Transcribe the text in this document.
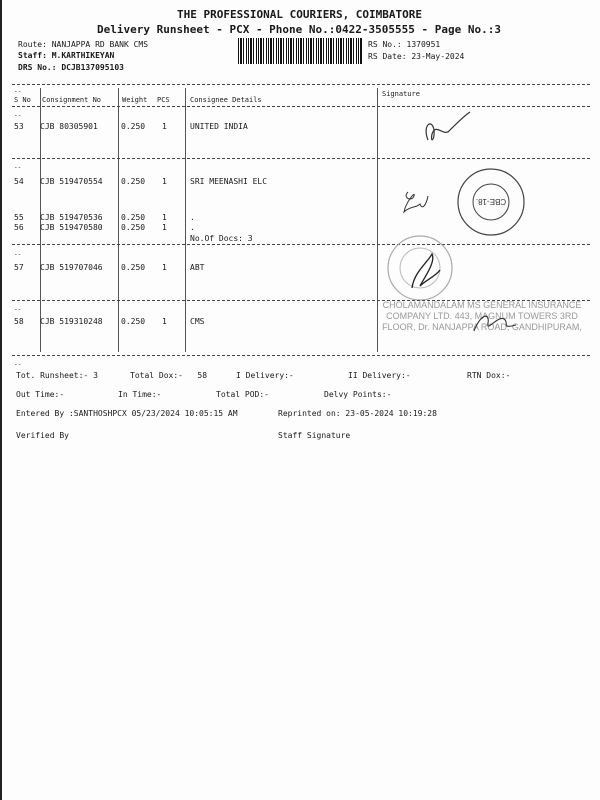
THE PROFESSIONAL COURIERS, COIMBATORE
Delivery Runsheet - PCX - Phone No.:0422-3505555 - Page No.:3
Route: NANJAPPA RD BANK CMS
Staff: M.KARTHIKEYAN
DRS No.: DCJB137095103
RS No.: 1370951
RS Date: 23-May-2024
--
S No Consignment No	Weight PCS	Consignee Details
Signature
--
53 CJB 80305901	0.250 1	UNITED INDIA
--
54 CJB 519470554 0.250 1	SRI MEENASHI ELC
55 CJB 519470536 0.250 1	.
56 CJB 519470580 0.250 1	.
No.Of Docs: 3
CBE-18.
--
57 CJB 519707046 0.250 1	ABT
--
58 CJB 519310248 0.250 1	CMS
CHOLAMANDALAM MS GENERAL INSURANCE COMPANY LTD. 443, MAGNUM TOWERS 3RD FLOOR, Dr. NANJAPPA ROAD, GANDHIPURAM,
--
Tot. Runsheet:- 3	Total Dox:-   58	I Delivery:-	II Delivery:-	RTN Dox:-
Out Time:-	In Time:-	Total POD:-	Delvy Points:-
Entered By :SANTHOSHPCX 05/23/2024 10:05:15 AM	Reprinted on: 23-05-2024 10:19:28
Verified By	Staff Signature
